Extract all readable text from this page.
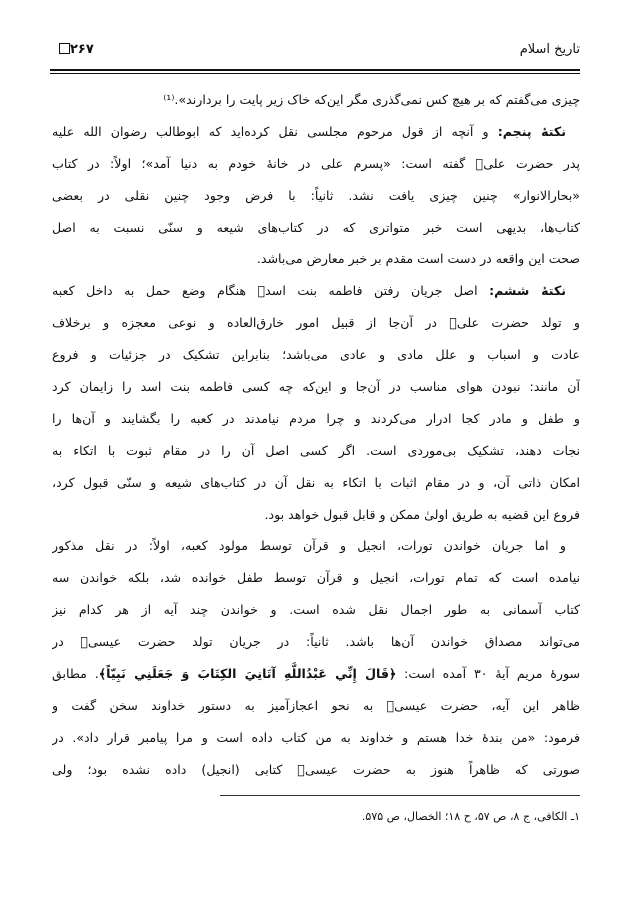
تاریخ اسلام
۲۶۷
چیزی می‌گفتم که بر هیچ کس نمی‌گذری مگر این‌که خاک زیر پایت را بردارند».⁽¹⁾
نکتهٔ پنجم: و آنچه از قول مرحوم مجلسی نقل کرده‌اید که ابوطالب رضوان الله علیه
پدر حضرت علیؑ گفته است: «پسرم علی در خانهٔ خودم به دنیا آمد»؛ اولاً: در کتاب
«بحارالانوار» چنین چیزی یافت نشد. ثانیاً: با فرض وجود چنین نقلی در بعضی
کتاب‌ها، بدیهی است خبر متواتری که در کتاب‌های شیعه و سنّی نسبت به اصل
صحت این واقعه در دست است مقدم بر خبر معارض می‌باشد.
نکتهٔ ششم: اصل جریان رفتن فاطمه بنت اسدؑ هنگام وضع حمل به داخل کعبه
و تولد حضرت علیؑ در آن‌جا از قبیل امور خارق‌العاده و نوعی معجزه و برخلاف
عادت و اسباب و علل مادی و عادی می‌باشد؛ بنابراین تشکیک در جزئیات و فروع
آن مانند: نبودن هوای مناسب در آن‌جا و این‌که چه کسی فاطمه بنت اسد را زایمان کرد
و طفل و مادر کجا ادرار می‌کردند و چرا مردم نیامدند در کعبه را بگشایند و آن‌ها را
نجات دهند، تشکیک بی‌موردی است. اگر کسی اصل آن را در مقام ثبوت با اتکاء به
امکان ذاتی آن، و در مقام اثبات با اتکاء به نقل آن در کتاب‌های شیعه و سنّی قبول کرد،
فروع این قضیه به طریق اولیٰ ممکن و قابل قبول خواهد بود.
و اما جریان خواندن تورات، انجیل و قرآن توسط مولود کعبه، اولاً: در نقل مذکور
نیامده است که تمام تورات، انجیل و قرآن توسط طفل خوانده شد، بلکه خواندن سه
کتاب آسمانی به طور اجمال نقل شده است. و خواندن چند آیه از هر کدام نیز
می‌تواند مصداق خواندن آن‌ها باشد. ثانیاً: در جریان تولد حضرت عیسیؑ در
سورهٔ مریم آیهٔ ۳۰ آمده است: ﴿قَالَ إِنِّي عَبْدُاللَّهِ آتَانِيَ الكِتَابَ وَ جَعَلَنِي نَبِيّاً﴾. مطابق
ظاهر این آیه، حضرت عیسیؑ به نحو اعجازآمیز به دستور خداوند سخن گفت و
فرمود: «من بندهٔ خدا هستم و خداوند به من کتاب داده است و مرا پیامبر قرار داد». در
صورتی که ظاهراً هنوز به حضرت عیسیؑ کتابی (انجیل) داده نشده بود؛ ولی
۱ـ الکافی، ج ۸، ص ۵۷، ح ۱۸؛ الخصال، ص ۵۷۵.
